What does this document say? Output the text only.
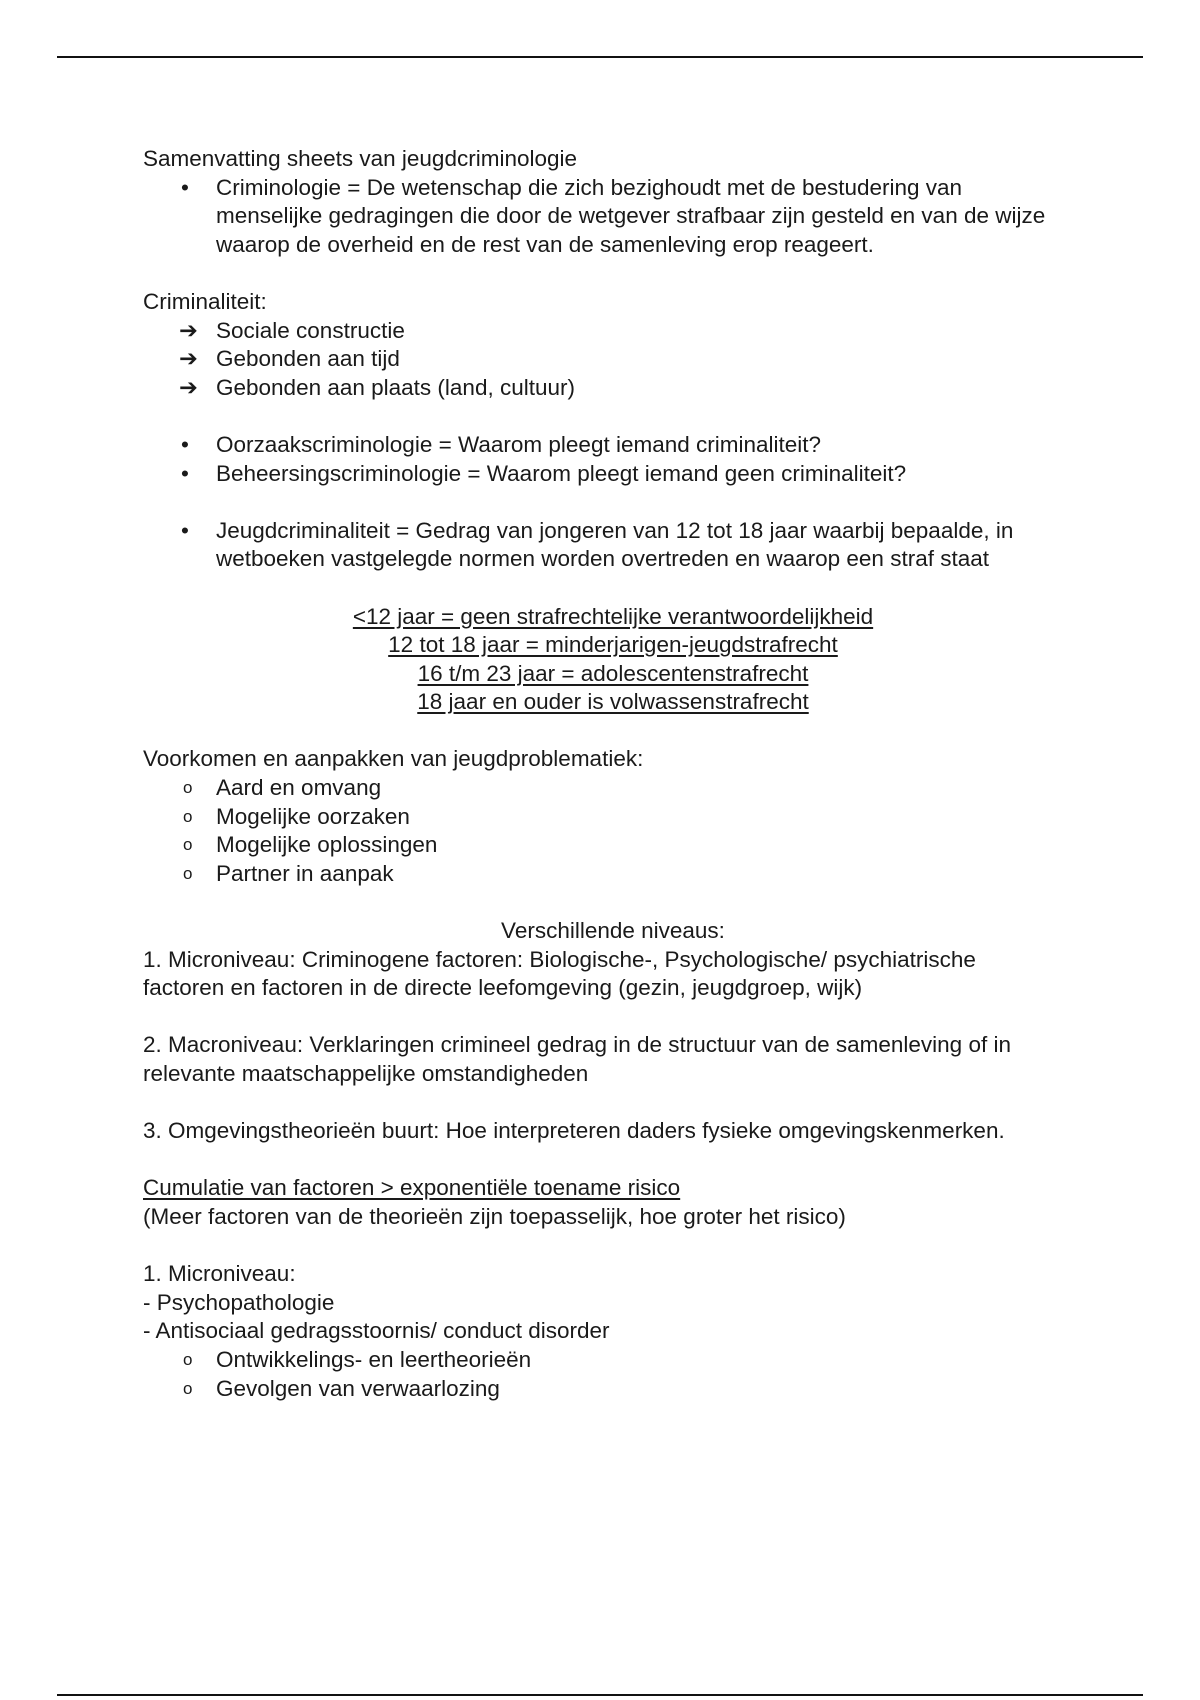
Samenvatting sheets van jeugdcriminologie

•	Criminologie = De wetenschap die zich bezighoudt met de bestudering van menselijke gedragingen die door de wetgever strafbaar zijn gesteld en van de wijze waarop de overheid en de rest van de samenleving erop reageert.

Criminaliteit:

➔ Sociale constructie
➔ Gebonden aan tijd
➔ Gebonden aan plaats (land, cultuur)
•	Oorzaakscriminologie = Waarom pleegt iemand criminaliteit?
•	Beheersingscriminologie = Waarom pleegt iemand geen criminaliteit?
•	Jeugdcriminaliteit = Gedrag van jongeren van 12 tot 18 jaar waarbij bepaalde, in wetboeken vastgelegde normen worden overtreden en waarop een straf staat
<12 jaar = geen strafrechtelijke verantwoordelijkheid
12 tot 18 jaar = minderjarigen-jeugdstrafrecht
16 t/m 23 jaar = adolescentenstrafrecht
18 jaar en ouder is volwassenstrafrecht

Voorkomen en aanpakken van jeugdproblematiek:

o	Aard en omvang
o	Mogelijke oorzaken
o	Mogelijke oplossingen
o	Partner in aanpak

Verschillende niveaus:

1. Microniveau: Criminogene factoren: Biologische-, Psychologische/ psychiatrische factoren en factoren in de directe leefomgeving (gezin, jeugdgroep, wijk)

2. Macroniveau: Verklaringen crimineel gedrag in de structuur van de samenleving of in relevante maatschappelijke omstandigheden

3. Omgevingstheorieën buurt: Hoe interpreteren daders fysieke omgevingskenmerken.

Cumulatie van factoren > exponentiële toename risico

(Meer factoren van de theorieën zijn toepasselijk, hoe groter het risico)

1. Microniveau:

- Psychopathologie

- Antisociaal gedragsstoornis/ conduct disorder

o	Ontwikkelings- en leertheorieën
o	Gevolgen van verwaarlozing
